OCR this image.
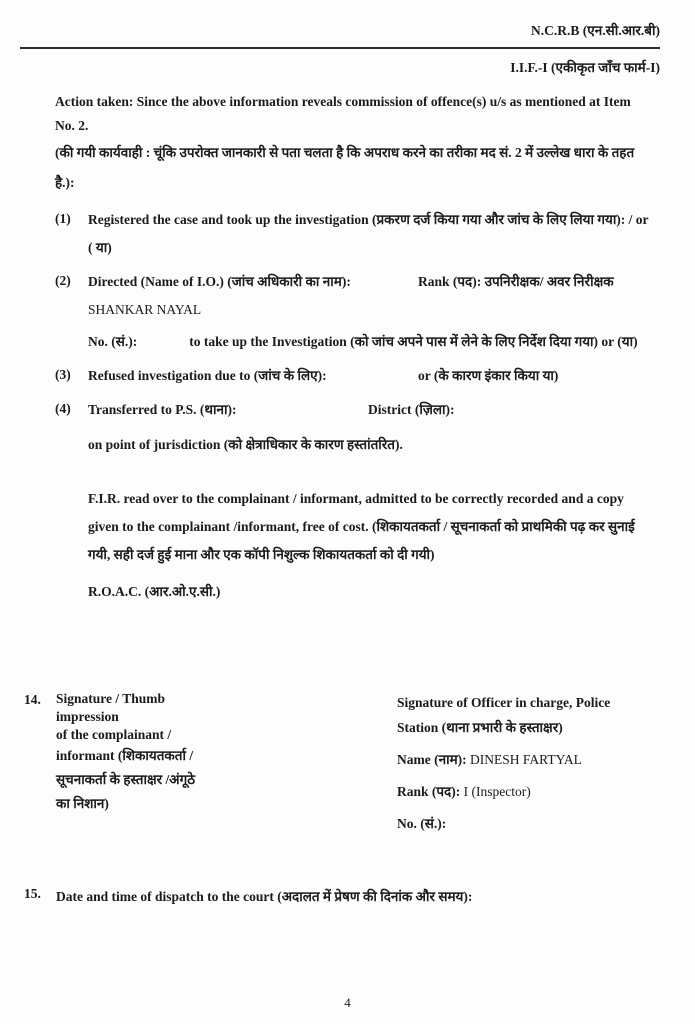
N.C.R.B (एन.सी.आर.बी)
I.I.F.-I (एकीकृत जाँच फार्म-I)
Action taken: Since the above information reveals commission of offence(s) u/s as mentioned at Item No. 2.
(की गयी कार्यवाही : चूंकि उपरोक्त जानकारी से पता चलता है कि अपराध करने का तरीका मद सं. 2 में उल्लेख धारा के तहत है.):
(1)	Registered the case and took up the investigation (प्रकरण दर्ज किया गया और जांच के लिए लिया गया): / or ( या)
(2)	Directed (Name of I.O.) (जांच अधिकारी का नाम):
SHANKAR NAYAL
Rank (पद): उपनिरीक्षक/ अवर निरीक्षक
No. (सं.):	to take up the Investigation (को जांच अपने पास में लेने के लिए निर्देश दिया गया) or (या)
(3)	Refused investigation due to (जांच के लिए):	or (के कारण इंकार किया या)
(4)	Transferred to P.S. (थाना):	District (ज़िला):
on point of jurisdiction (को क्षेत्राधिकार के कारण हस्तांतरित).
F.I.R. read over to the complainant / informant, admitted to be correctly recorded and a copy given to the complainant /informant, free of cost. (शिकायतकर्ता / सूचनाकर्ता को प्राथमिकी पढ़ कर सुनाई गयी, सही दर्ज हुई माना और एक कॉपी निशुल्क शिकायतकर्ता को दी गयी)
R.O.A.C. (आर.ओ.ए.सी.)
Signature of Officer in charge, Police
Station (थाना प्रभारी के हस्ताक्षर)
Name (नाम): DINESH FARTYAL
Rank (पद): I (Inspector)
No. (सं.):
14.	Signature / Thumb
impression
of the complainant /
informant (शिकायतकर्ता /
सूचनाकर्ता के हस्ताक्षर /अंगूठे
का निशान)
15.	Date and time of dispatch to the court (अदालत में प्रेषण की दिनांक और समय):
4
